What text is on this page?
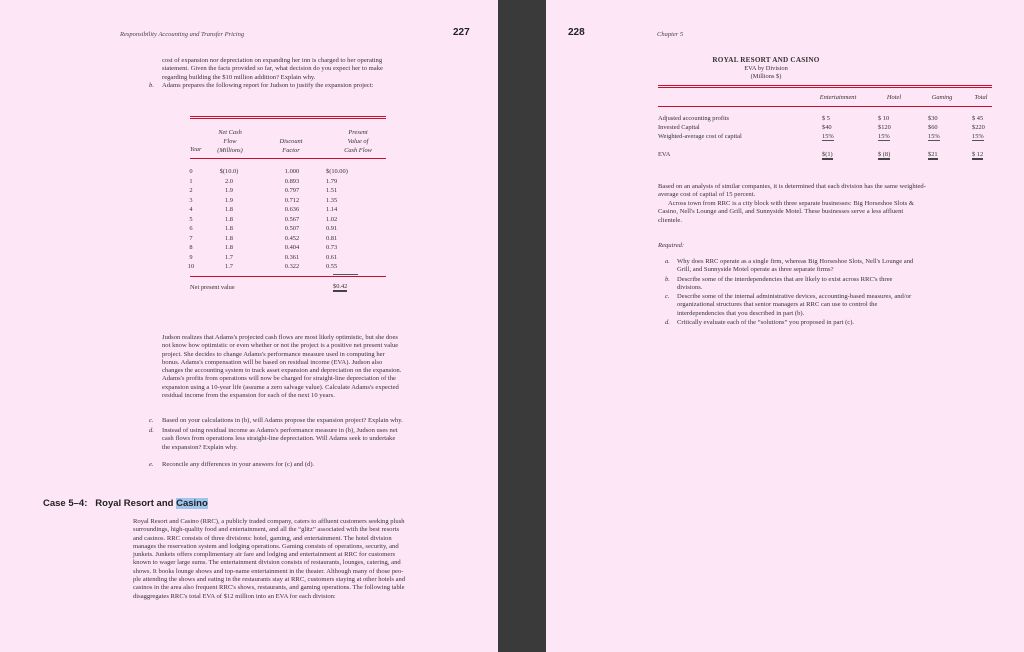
Responsibility Accounting and Transfer Pricing	227

cost of expansion nor depreciation on expanding her inn is charged to her operating

statement. Given the facts provided so far, what decision do you expect her to make

regarding building the $10 million addition? Explain why.

b. Adams prepares the following report for Judson to justify the expansion project:
Net Cash
Flow
(Millions)
Discount
Factor
Present
Value of
Cash Flow
Year
0	$(10.0)	1.000	$(10.00)
1	2.0	0.893	1.79
2	1.9	0.797	1.51
3	1.9	0.712	1.35
4	1.8	0.636	1.14
5	1.8	0.567	1.02
6	1.8	0.507	0.91
7	1.8	0.452	0.81
8	1.8	0.404	0.73
9	1.7	0.361	0.61
10	1.7	0.322	0.55
Net present value	$0.42

Judson realizes that Adams's projected cash flows are most likely optimistic, but she does

not know how optimistic or even whether or not the project is a positive net present value

project. She decides to change Adams's performance measure used in computing her

bonus. Adams's compensation will be based on residual income (EVA). Judson also

changes the accounting system to track asset expansion and depreciation on the expansion.

Adams's profits from operations will now be charged for straight-line depreciation of the

expansion using a 10-year life (assume a zero salvage value). Calculate Adams's expected

residual income from the expansion for each of the next 10 years.

c. Based on your calculations in (b), will Adams propose the expansion project? Explain why.

d. Instead of using residual income as Adams's performance measure in (b), Judson uses net

cash flows from operations less straight-line depreciation. Will Adams seek to undertake

the expansion? Explain why.

e. Reconcile any differences in your answers for (c) and (d).

Case 5–4: Royal Resort and Casino

Royal Resort and Casino (RRC), a publicly traded company, caters to affluent customers seeking plush

surroundings, high-quality food and entertainment, and all the “glitz” associated with the best resorts

and casinos. RRC consists of three divisions: hotel, gaming, and entertainment. The hotel division

manages the reservation system and lodging operations. Gaming consists of operations, security, and

junkets. Junkets offers complimentary air fare and lodging and entertainment at RRC for customers

known to wager large sums. The entertainment division consists of restaurants, lounges, catering, and

shows. It books lounge shows and top-name entertainment in the theater. Although many of those peo-

ple attending the shows and eating in the restaurants stay at RRC, customers staying at other hotels and

casinos in the area also frequent RRC's shows, restaurants, and gaming operations. The following table

disaggregates RRC's total EVA of $12 million into an EVA for each division:

228	Chapter 5
ROYAL RESORT AND CASINO
EVA by Division
(Millions $)
Entertainment	Hotel	Gaming	Total
Adjusted accounting profits	$ 5	$ 10	$30	$ 45
Invested Capital	$40	$120	$60	$220
Weighted-average cost of capital	15%	15%	15%	15%
EVA	$(1)	$ (8)	$21	$ 12

Based on an analysis of similar companies, it is determined that each division has the same weighted-

average cost of capital of 15 percent.

Across town from RRC is a city block with three separate businesses: Big Horseshoe Slots &

Casino, Nell's Lounge and Grill, and Sunnyside Motel. These businesses serve a less affluent

clientele.

Required:
a. Why does RRC operate as a single firm, whereas Big Horseshoe Slots, Nell's Lounge and
Grill, and Sunnyside Motel operate as three separate firms?
b. Describe some of the interdependencies that are likely to exist across RRC's three
divisions.
c. Describe some of the internal administrative devices, accounting-based measures, and/or
organizational structures that senior managers at RRC can use to control the
interdependencies that you described in part (b).
d. Critically evaluate each of the “solutions” you proposed in part (c).
